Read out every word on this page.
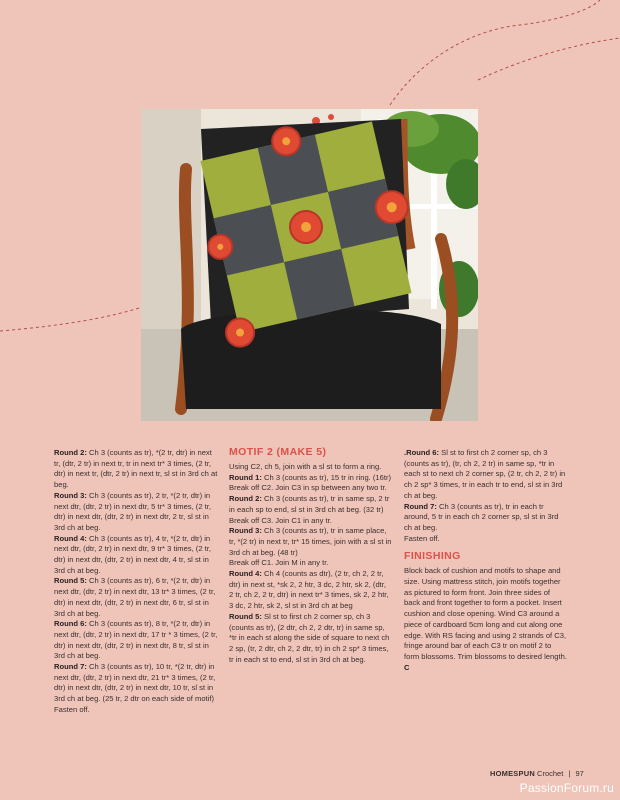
Round 2: Ch 3 (counts as tr), *(2 tr, dtr) in next tr, (dtr, 2 tr) in next tr, tr in next tr* 3 times, (2 tr, dtr) in next tr, (dtr, 2 tr) in next tr, sl st in 3rd ch at beg.

Round 3: Ch 3 (counts as tr), 2 tr, *(2 tr, dtr) in next dtr, (dtr, 2 tr) in next dtr, 5 tr* 3 times, (2 tr, dtr) in next dtr, (dtr, 2 tr) in next dtr, 2 tr, sl st in 3rd ch at beg.

Round 4: Ch 3 (counts as tr), 4 tr, *(2 tr, dtr) in next dtr, (dtr, 2 tr) in next dtr, 9 tr* 3 times, (2 tr, dtr) in next dtr, (dtr, 2 tr) in next dtr, 4 tr, sl st in 3rd ch at beg.

Round 5: Ch 3 (counts as tr), 6 tr, *(2 tr, dtr) in next dtr, (dtr, 2 tr) in next dtr, 13 tr* 3 times, (2 tr, dtr) in next dtr, (dtr, 2 tr) in next dtr, 6 tr, sl st in 3rd ch at beg.

Round 6: Ch 3 (counts as tr), 8 tr, *(2 tr, dtr) in next dtr, (dtr, 2 tr) in next dtr, 17 tr * 3 times, (2 tr, dtr) in next dtr, (dtr, 2 tr) in next dtr, 8 tr, sl st in 3rd ch at beg.

Round 7: Ch 3 (counts as tr), 10 tr, *(2 tr, dtr) in next dtr, (dtr, 2 tr) in next dtr, 21 tr* 3 times, (2 tr, dtr) in next dtr, (dtr, 2 tr) in next dtr, 10 tr, sl st in 3rd ch at beg. (25 tr, 2 dtr on each side of motif)

Fasten off.

MOTIF 2 (MAKE 5)

Using C2, ch 5, join with a sl st to form a ring.

Round 1: Ch 3 (counts as tr), 15 tr in ring. (16tr)

Break off C2. Join C3 in sp between any two tr.

Round 2: Ch 3 (counts as tr), tr in same sp, 2 tr in each sp to end, sl st in 3rd ch at beg. (32 tr)

Break off C3. Join C1 in any tr.

Round 3: Ch 3 (counts as tr), tr in same place, tr, *(2 tr) in next tr, tr* 15 times, join with a sl st in 3rd ch at beg. (48 tr)

Break off C1. Join M in any tr.

Round 4: Ch 4 (counts as dtr), (2 tr, ch 2, 2 tr, dtr) in next st, *sk 2, 2 htr, 3 dc, 2 htr, sk 2, (dtr, 2 tr, ch 2, 2 tr, dtr) in next tr* 3 times, sk 2, 2 htr, 3 dc, 2 htr, sk 2, sl st in 3rd ch at beg

Round 5: Sl st to first ch 2 corner sp, ch 3 (counts as tr), (2 dtr, ch 2, 2 dtr, tr) in same sp, *tr in each st along the side of square to next ch 2 sp, (tr, 2 dtr, ch 2, 2 dtr, tr) in ch 2 sp* 3 times, tr in each st to end, sl st in 3rd ch at beg.

.Round 6: Sl st to first ch 2 corner sp, ch 3 (counts as tr), (tr, ch 2, 2 tr) in same sp, *tr in each st to next ch 2 corner sp, (2 tr, ch 2, 2 tr) in ch 2 sp* 3 times, tr in each tr to end, sl st in 3rd ch at beg.

Round 7: Ch 3 (counts as tr), tr in each tr around, 5 tr in each ch 2 corner sp, sl st in 3rd ch at beg.

Fasten off.

FINISHING

Block back of cushion and motifs to shape and size. Using mattress stitch, join motifs together as pictured to form front. Join three sides of back and front together to form a pocket. Insert cushion and close opening. Wind C3 around a piece of cardboard 5cm long and cut along one edge. With RS facing and using 2 strands of C3, fringe around bar of each C3 tr on motif 2 to form blossoms. Trim blossoms to desired length. C

HOMESPUN Crochet | 97
PassionForum.ru
